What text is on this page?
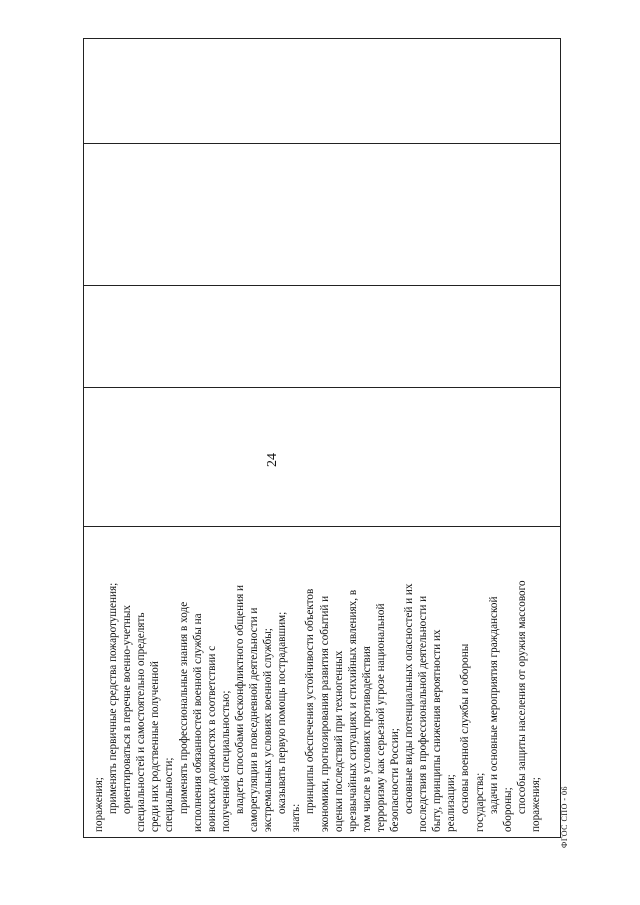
24

поражения; применять первичные средства пожаротушения; ориентироваться в перечне военно-учетных специальностей и самостоятельно определять среди них родственные полученной специальности; применять профессиональные знания в ходе исполнения обязанностей военной службы на воинских должностях в соответствии с полученной специальностью; владеть способами бесконфликтного общения и саморегуляции в повседневной деятельности и экстремальных условиях военной службы; оказывать первую помощь пострадавшим;

знать:

принципы обеспечения устойчивости объектов экономики, прогнозирования развития событий и оценки последствий при техногенных чрезвычайных ситуациях и стихийных явлениях, в том числе в условиях противодействия терроризму как серьезной угрозе национальной безопасности России; основные виды потенциальных опасностей и их последствия в профессиональной деятельности и быту, принципы снижения вероятности их реализации; основы военной службы и обороны государства; задачи и основные мероприятия гражданской обороны; способы защиты населения от оружия массового поражения; ФГОС СПО - 06
